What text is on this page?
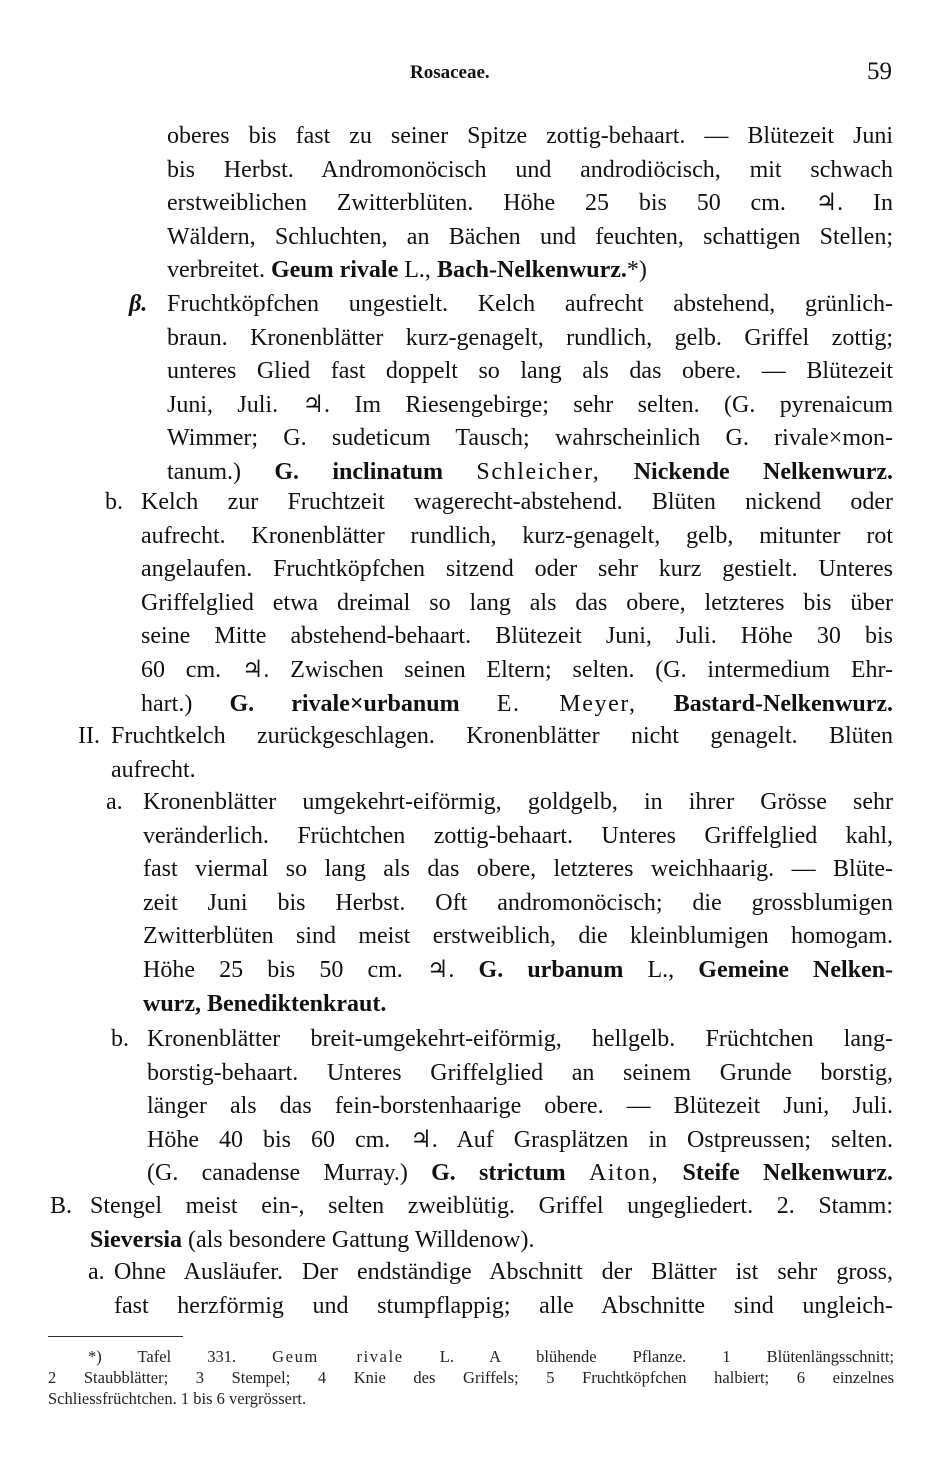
Rosaceae.	59
oberes bis fast zu seiner Spitze zottig-behaart. — Blütezeit Juni
bis Herbst. Andromonöcisch und androdiöcisch, mit schwach
erstweiblichen Zwitterblüten. Höhe 25 bis 50 cm. ♃. In
Wäldern, Schluchten, an Bächen und feuchten, schattigen Stellen;
verbreitet. Geum rivale L., Bach-Nelkenwurz.*)
β. Fruchtköpfchen ungestielt. Kelch aufrecht abstehend, grünlich-
braun. Kronenblätter kurz-genagelt, rundlich, gelb. Griffel zottig;
unteres Glied fast doppelt so lang als das obere. — Blütezeit
Juni, Juli. ♃. Im Riesengebirge; sehr selten. (G. pyrenaicum
Wimmer; G. sudeticum Tausch; wahrscheinlich G. rivale×mon-
tanum.) G. inclinatum Schleicher, Nickende Nelkenwurz.
b. Kelch zur Fruchtzeit wagerecht-abstehend. Blüten nickend oder
aufrecht. Kronenblätter rundlich, kurz-genagelt, gelb, mitunter rot
angelaufen. Fruchtköpfchen sitzend oder sehr kurz gestielt. Unteres
Griffelglied etwa dreimal so lang als das obere, letzteres bis über
seine Mitte abstehend-behaart. Blütezeit Juni, Juli. Höhe 30 bis
60 cm. ♃. Zwischen seinen Eltern; selten. (G. intermedium Ehr-
hart.) G. rivale×urbanum E. Meyer, Bastard-Nelkenwurz.
II. Fruchtkelch zurückgeschlagen. Kronenblätter nicht genagelt. Blüten
aufrecht.
a. Kronenblätter umgekehrt-eiförmig, goldgelb, in ihrer Grösse sehr
veränderlich. Früchtchen zottig-behaart. Unteres Griffelglied kahl,
fast viermal so lang als das obere, letzteres weichhaarig. — Blüte-
zeit Juni bis Herbst. Oft andromonöcisch; die grossblumigen
Zwitterblüten sind meist erstweiblich, die kleinblumigen homogam.
Höhe 25 bis 50 cm. ♃. G. urbanum L., Gemeine Nelken-
wurz, Benediktenkraut.
b. Kronenblätter breit-umgekehrt-eiförmig, hellgelb. Früchtchen lang-
borstig-behaart. Unteres Griffelglied an seinem Grunde borstig,
länger als das fein-borstenhaarige obere. — Blütezeit Juni, Juli.
Höhe 40 bis 60 cm. ♃. Auf Grasplätzen in Ostpreussen; selten.
(G. canadense Murray.) G. strictum Aiton, Steife Nelkenwurz.
B. Stengel meist ein-, selten zweiblütig. Griffel ungegliedert. 2. Stamm:
Sieversia (als besondere Gattung Willdenow).
a. Ohne Ausläufer. Der endständige Abschnitt der Blätter ist sehr gross,
fast herzförmig und stumpflappig; alle Abschnitte sind ungleich-
*) Tafel 331. Geum rivale L. A blühende Pflanze. 1 Blütenlängsschnitt;
2 Staubblätter; 3 Stempel; 4 Knie des Griffels; 5 Fruchtköpfchen halbiert; 6 einzelnes
Schliessfrüchtchen. 1 bis 6 vergrössert.
